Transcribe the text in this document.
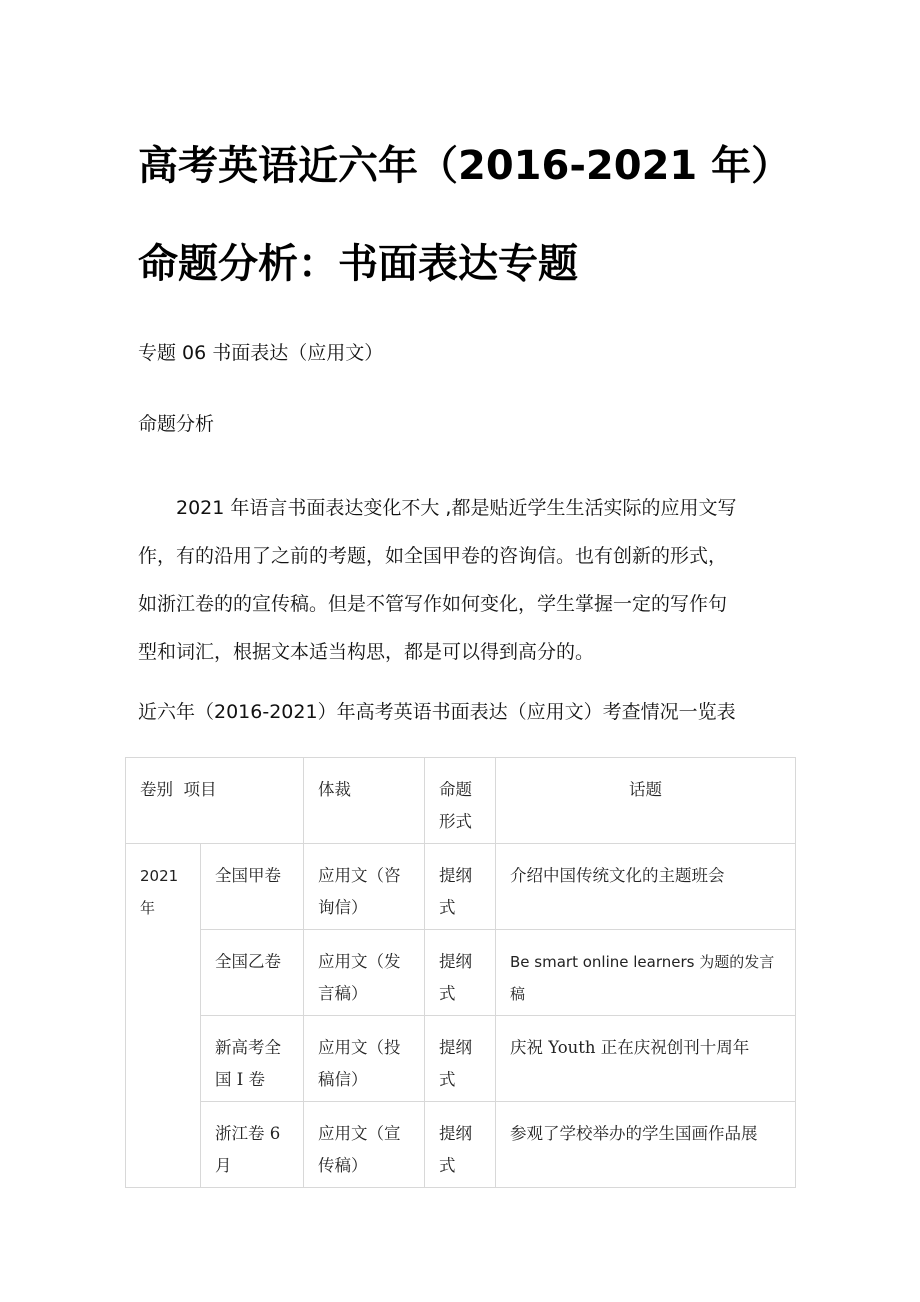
高考英语近六年（2016-2021 年）
命题分析：书面表达专题
专题 06 书面表达（应用文）
命题分析
2021 年语言书面表达变化不大 ,都是贴近学生生活实际的应用文写
作，有的沿用了之前的考题，如全国甲卷的咨询信。也有创新的形式，
如浙江卷的的宣传稿。但是不管写作如何变化，学生掌握一定的写作句
型和词汇，根据文本适当构思，都是可以得到高分的。
近六年（2016-2021）年高考英语书面表达（应用文）考查情况一览表
卷别  项目		体裁	命题形式	话题
2021 年	全国甲卷	应用文（咨询信）	提纲式	介绍中国传统文化的主题班会
	全国乙卷	应用文（发言稿）	提纲式	Be smart online learners 为题的发言稿
	新高考全国 I 卷	应用文（投稿信）	提纲式	庆祝 Youth 正在庆祝创刊十周年
	浙江卷 6 月	应用文（宣传稿）	提纲式	参观了学校举办的学生国画作品展
